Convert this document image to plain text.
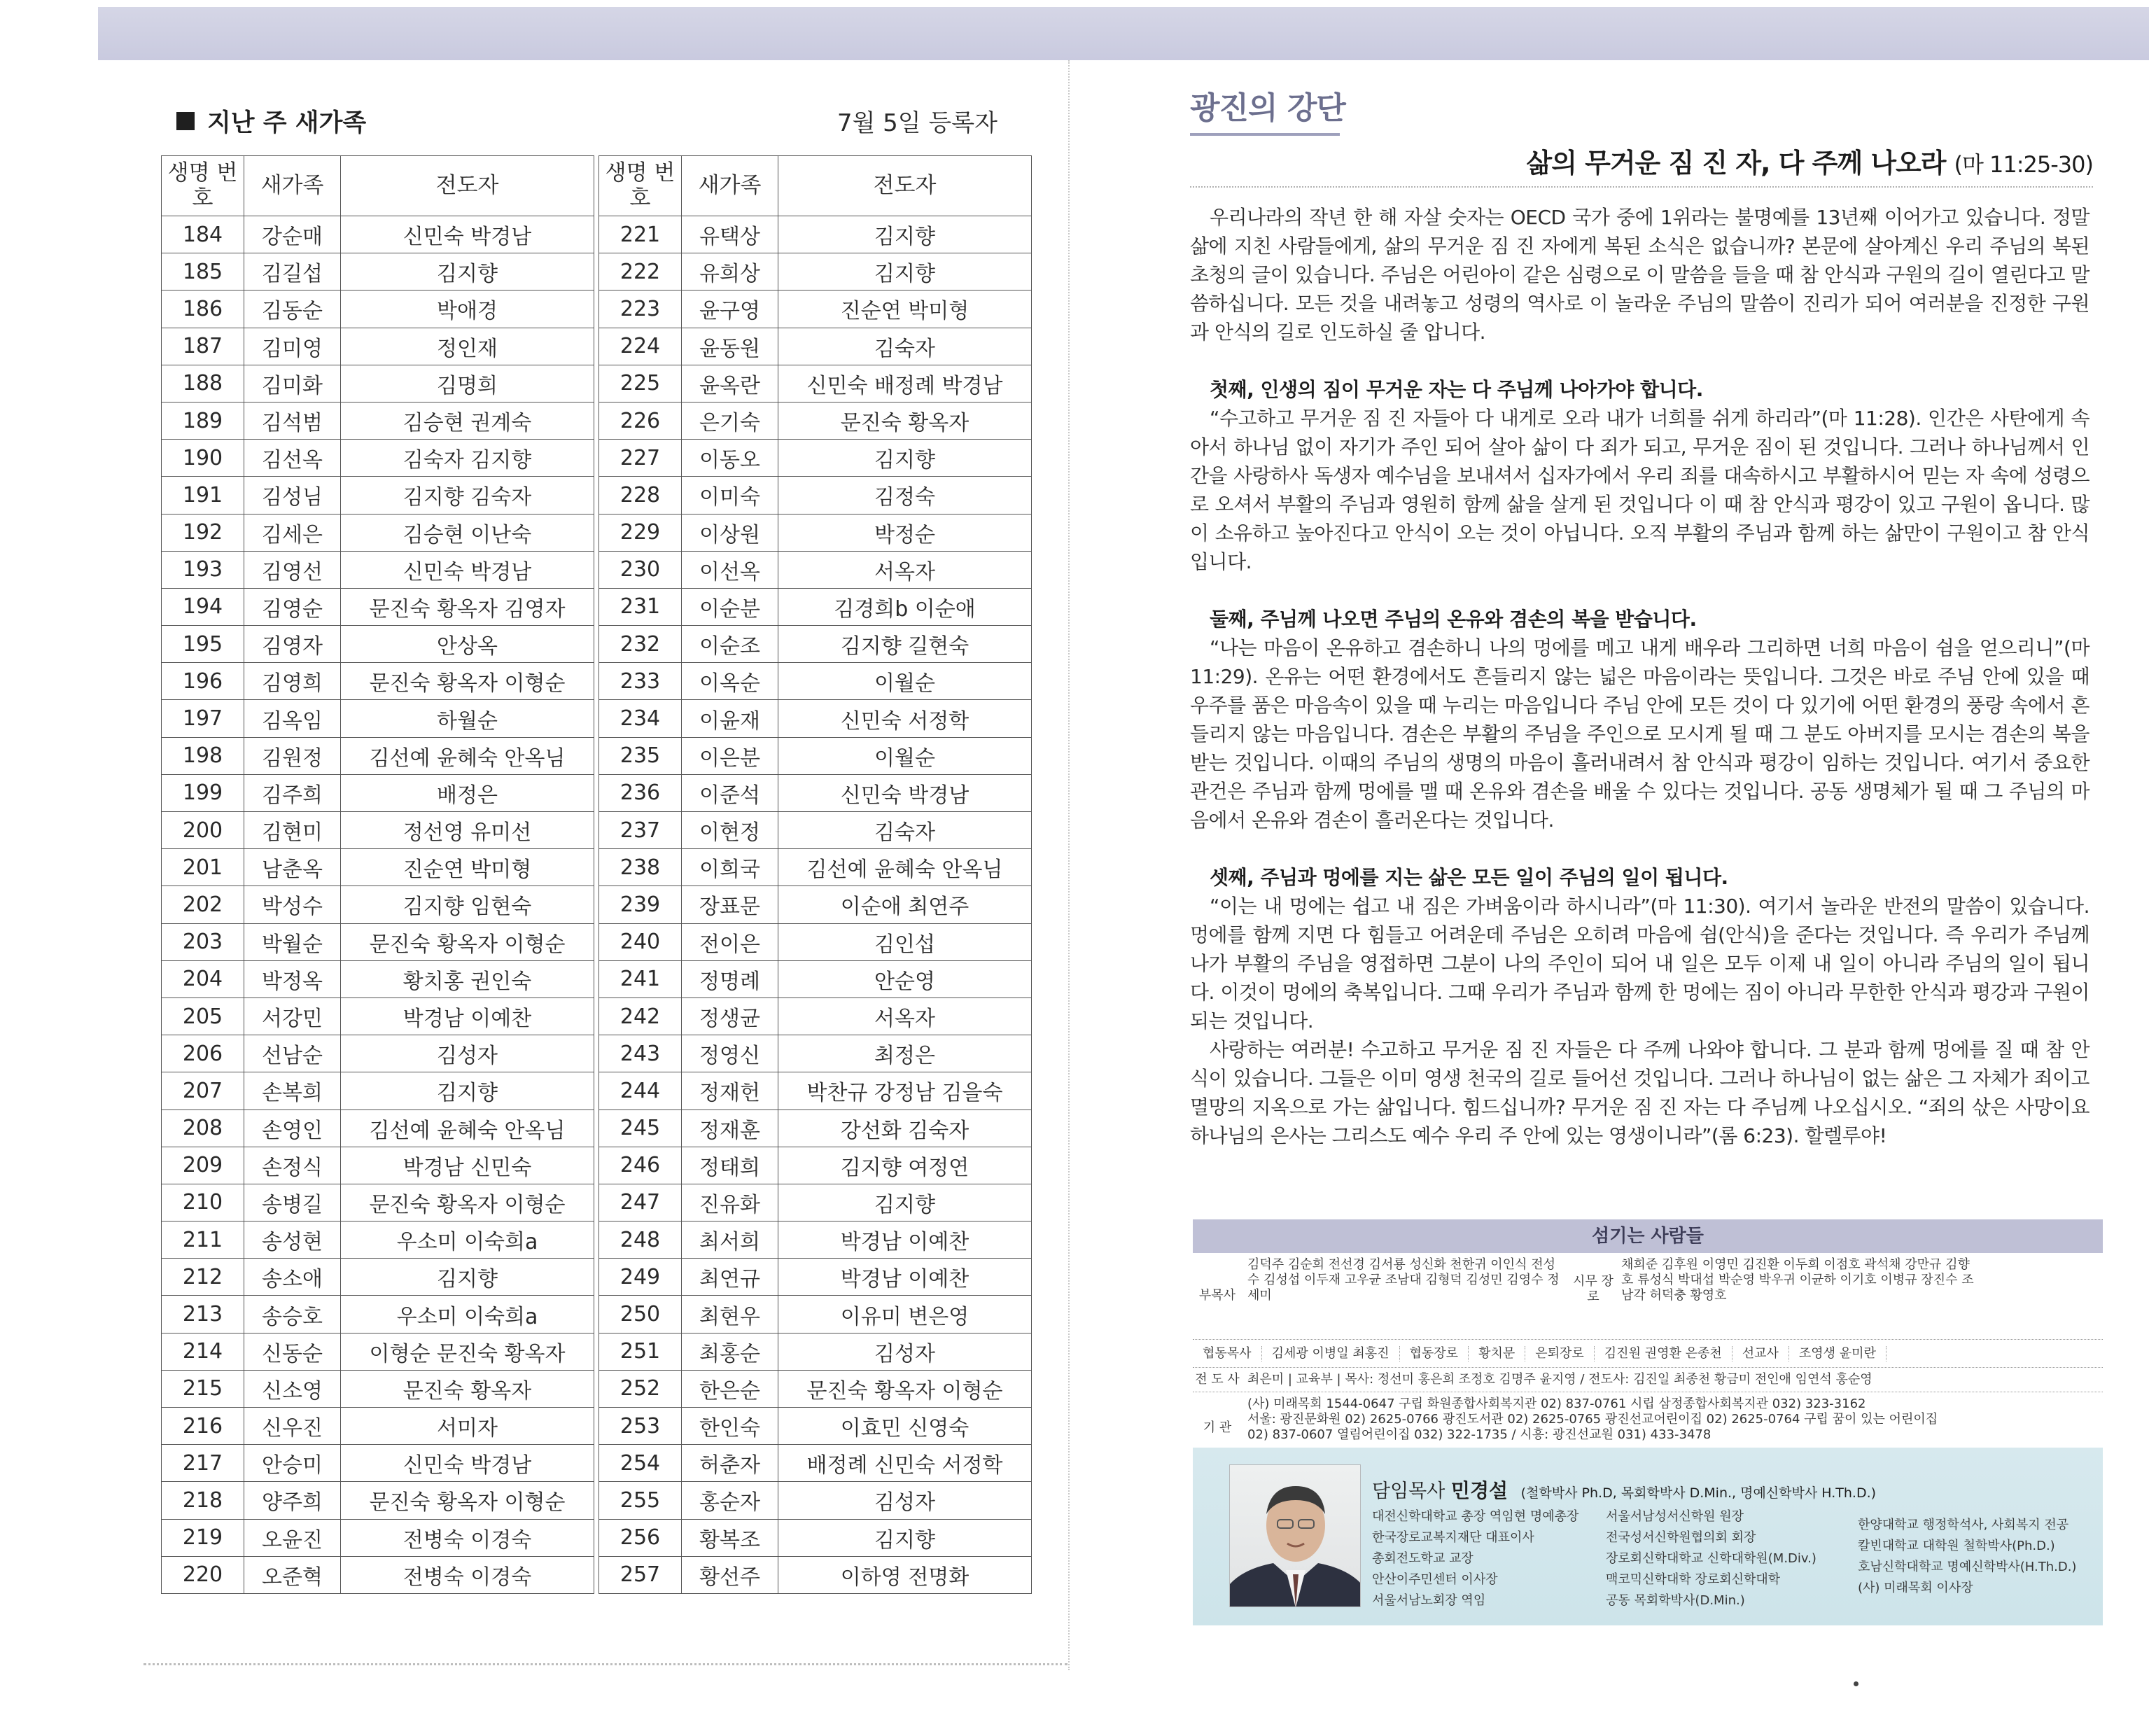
지난 주 새가족	7월 5일 등록자
생명 번호	새가족	전도자
184	강순매	신민숙 박경남
185	김길섭	김지향
186	김동순	박애경
187	김미영	정인재
188	김미화	김명희
189	김석범	김승현 권계숙
190	김선옥	김숙자 김지향
191	김성님	김지향 김숙자
192	김세은	김승현 이난숙
193	김영선	신민숙 박경남
194	김영순	문진숙 황옥자 김영자
195	김영자	안상옥
196	김영희	문진숙 황옥자 이형순
197	김옥임	하월순
198	김원정	김선예 윤혜숙 안옥님
199	김주희	배정은
200	김현미	정선영 유미선
201	남춘옥	진순연 박미형
202	박성수	김지향 임현숙
203	박월순	문진숙 황옥자 이형순
204	박정옥	황치홍 권인숙
205	서강민	박경남 이예찬
206	선남순	김성자
207	손복희	김지향
208	손영인	김선예 윤혜숙 안옥님
209	손정식	박경남 신민숙
210	송병길	문진숙 황옥자 이형순
211	송성현	우소미 이숙희a
212	송소애	김지향
213	송승호	우소미 이숙희a
214	신동순	이형순 문진숙 황옥자
215	신소영	문진숙 황옥자
216	신우진	서미자
217	안승미	신민숙 박경남
218	양주희	문진숙 황옥자 이형순
219	오윤진	전병숙 이경숙
220	오준혁	전병숙 이경숙
생명 번호	새가족	전도자
221	유택상	김지향
222	유희상	김지향
223	윤구영	진순연 박미형
224	윤동원	김숙자
225	윤옥란	신민숙 배정례 박경남
226	은기숙	문진숙 황옥자
227	이동오	김지향
228	이미숙	김정숙
229	이상원	박정순
230	이선옥	서옥자
231	이순분	김경희b 이순애
232	이순조	김지향 길현숙
233	이옥순	이월순
234	이윤재	신민숙 서정학
235	이은분	이월순
236	이준석	신민숙 박경남
237	이현정	김숙자
238	이희국	김선예 윤혜숙 안옥님
239	장표문	이순애 최연주
240	전이은	김인섭
241	정명례	안순영
242	정생균	서옥자
243	정영신	최정은
244	정재헌	박찬규 강정남 김을숙
245	정재훈	강선화 김숙자
246	정태희	김지향 여정연
247	진유화	김지향
248	최서희	박경남 이예찬
249	최연규	박경남 이예찬
250	최현우	이유미 변은영
251	최홍순	김성자
252	한은순	문진숙 황옥자 이형순
253	한인숙	이효민 신영숙
254	허춘자	배정례 신민숙 서정학
255	홍순자	김성자
256	황복조	김지향
257	황선주	이하영 전명화
광진의 강단
삶의 무거운 짐 진 자, 다 주께 나오라 (마 11:25-30)

우리나라의 작년 한 해 자살 숫자는 OECD 국가 중에 1위라는 불명예를 13년째 이어가고 있습니다. 정말 삶에 지친 사람들에게, 삶의 무거운 짐 진 자에게 복된 소식은 없습니까? 본문에 살아계신 우리 주님의 복된 초청의 글이 있습니다. 주님은 어린아이 같은 심령으로 이 말씀을 들을 때 참 안식과 구원의 길이 열린다고 말씀하십니다. 모든 것을 내려놓고 성령의 역사로 이 놀라운 주님의 말씀이 진리가 되어 여러분을 진정한 구원과 안식의 길로 인도하실 줄 압니다.

첫째, 인생의 짐이 무거운 자는 다 주님께 나아가야 합니다.

“수고하고 무거운 짐 진 자들아 다 내게로 오라 내가 너희를 쉬게 하리라”(마 11:28). 인간은 사탄에게 속아서 하나님 없이 자기가 주인 되어 살아 삶이 다 죄가 되고, 무거운 짐이 된 것입니다. 그러나 하나님께서 인간을 사랑하사 독생자 예수님을 보내셔서 십자가에서 우리 죄를 대속하시고 부활하시어 믿는 자 속에 성령으로 오셔서 부활의 주님과 영원히 함께 삶을 살게 된 것입니다 이 때 참 안식과 평강이 있고 구원이 옵니다. 많이 소유하고 높아진다고 안식이 오는 것이 아닙니다. 오직 부활의 주님과 함께 하는 삶만이 구원이고 참 안식입니다.

둘째, 주님께 나오면 주님의 온유와 겸손의 복을 받습니다.

“나는 마음이 온유하고 겸손하니 나의 멍에를 메고 내게 배우라 그리하면 너희 마음이 쉼을 얻으리니”(마 11:29). 온유는 어떤 환경에서도 흔들리지 않는 넓은 마음이라는 뜻입니다. 그것은 바로 주님 안에 있을 때 우주를 품은 마음속이 있을 때 누리는 마음입니다 주님 안에 모든 것이 다 있기에 어떤 환경의 풍랑 속에서 흔들리지 않는 마음입니다. 겸손은 부활의 주님을 주인으로 모시게 될 때 그 분도 아버지를 모시는 겸손의 복을 받는 것입니다. 이때의 주님의 생명의 마음이 흘러내려서 참 안식과 평강이 임하는 것입니다. 여기서 중요한 관건은 주님과 함께 멍에를 맬 때 온유와 겸손을 배울 수 있다는 것입니다. 공동 생명체가 될 때 그 주님의 마음에서 온유와 겸손이 흘러온다는 것입니다.

셋째, 주님과 멍에를 지는 삶은 모든 일이 주님의 일이 됩니다.

“이는 내 멍에는 쉽고 내 짐은 가벼움이라 하시니라”(마 11:30). 여기서 놀라운 반전의 말씀이 있습니다. 멍에를 함께 지면 다 힘들고 어려운데 주님은 오히려 마음에 쉼(안식)을 준다는 것입니다. 즉 우리가 주님께 나가 부활의 주님을 영접하면 그분이 나의 주인이 되어 내 일은 모두 이제 내 일이 아니라 주님의 일이 됩니다. 이것이 멍에의 축복입니다. 그때 우리가 주님과 함께 한 멍에는 짐이 아니라 무한한 안식과 평강과 구원이 되는 것입니다.

사랑하는 여러분! 수고하고 무거운 짐 진 자들은 다 주께 나와야 합니다. 그 분과 함께 멍에를 질 때 참 안식이 있습니다. 그들은 이미 영생 천국의 길로 들어선 것입니다. 그러나 하나님이 없는 삶은 그 자체가 죄이고 멸망의 지옥으로 가는 삶입니다. 힘드십니까? 무거운 짐 진 자는 다 주님께 나오십시오. “죄의 삯은 사망이요 하나님의 은사는 그리스도 예수 우리 주 안에 있는 영생이니라”(롬 6:23). 할렐루야!

섬기는 사람들
부목사
김덕주 김순희 전선경 김서룡 성신화 천한귀 이인식 전성수 김성섭 이두재 고우균 조남대 김형덕 김성민 김영수 정세미
시무 장로
채희준 김후원 이영민 김진환 이두희 이점호 곽석채 강만규 김향호 류성식 박대섭 박순영 박우귀 이균하 이기호 이병규 장진수 조남각 허덕충 황영호
협동목사	김세광 이병일 최홍진	협동장로	황치문	은퇴장로	김진원 권영환 은종천	선교사	조영생 윤미란
전 도 사 최은미 | 교육부 | 목사: 정선미 홍은희 조정호 김명주 윤지영 / 전도사: 김진일 최종천 황금미 전인애 임연석 홍순영
기 관
(사) 미래목회 1544-0647 구립 화원종합사회복지관 02) 837-0761 시립 삼정종합사회복지관 032) 323-3162
서울: 광진문화원 02) 2625-0766 광진도서관 02) 2625-0765 광진선교어린이집 02) 2625-0764 구립 꿈이 있는 어린이집
02) 837-0607 열림어린이집 032) 322-1735 / 시흥: 광진선교원 031) 433-3478
담임목사 민경설 (철학박사 Ph.D, 목회학박사 D.Min., 명예신학박사 H.Th.D.)
대전신학대학교 총장 역임현 명예총장
한국장로교복지재단 대표이사
총회전도학교 교장
안산이주민센터 이사장
서울서남노회장 역임
서울서남성서신학원 원장
전국성서신학원협의회 회장
장로회신학대학교 신학대학원(M.Div.)
맥코믹신학대학 장로회신학대학
공동 목회학박사(D.Min.)
한양대학교 행정학석사, 사회복지 전공
칼빈대학교 대학원 철학박사(Ph.D.)
호남신학대학교 명예신학박사(H.Th.D.)
(사) 미래목회 이사장
